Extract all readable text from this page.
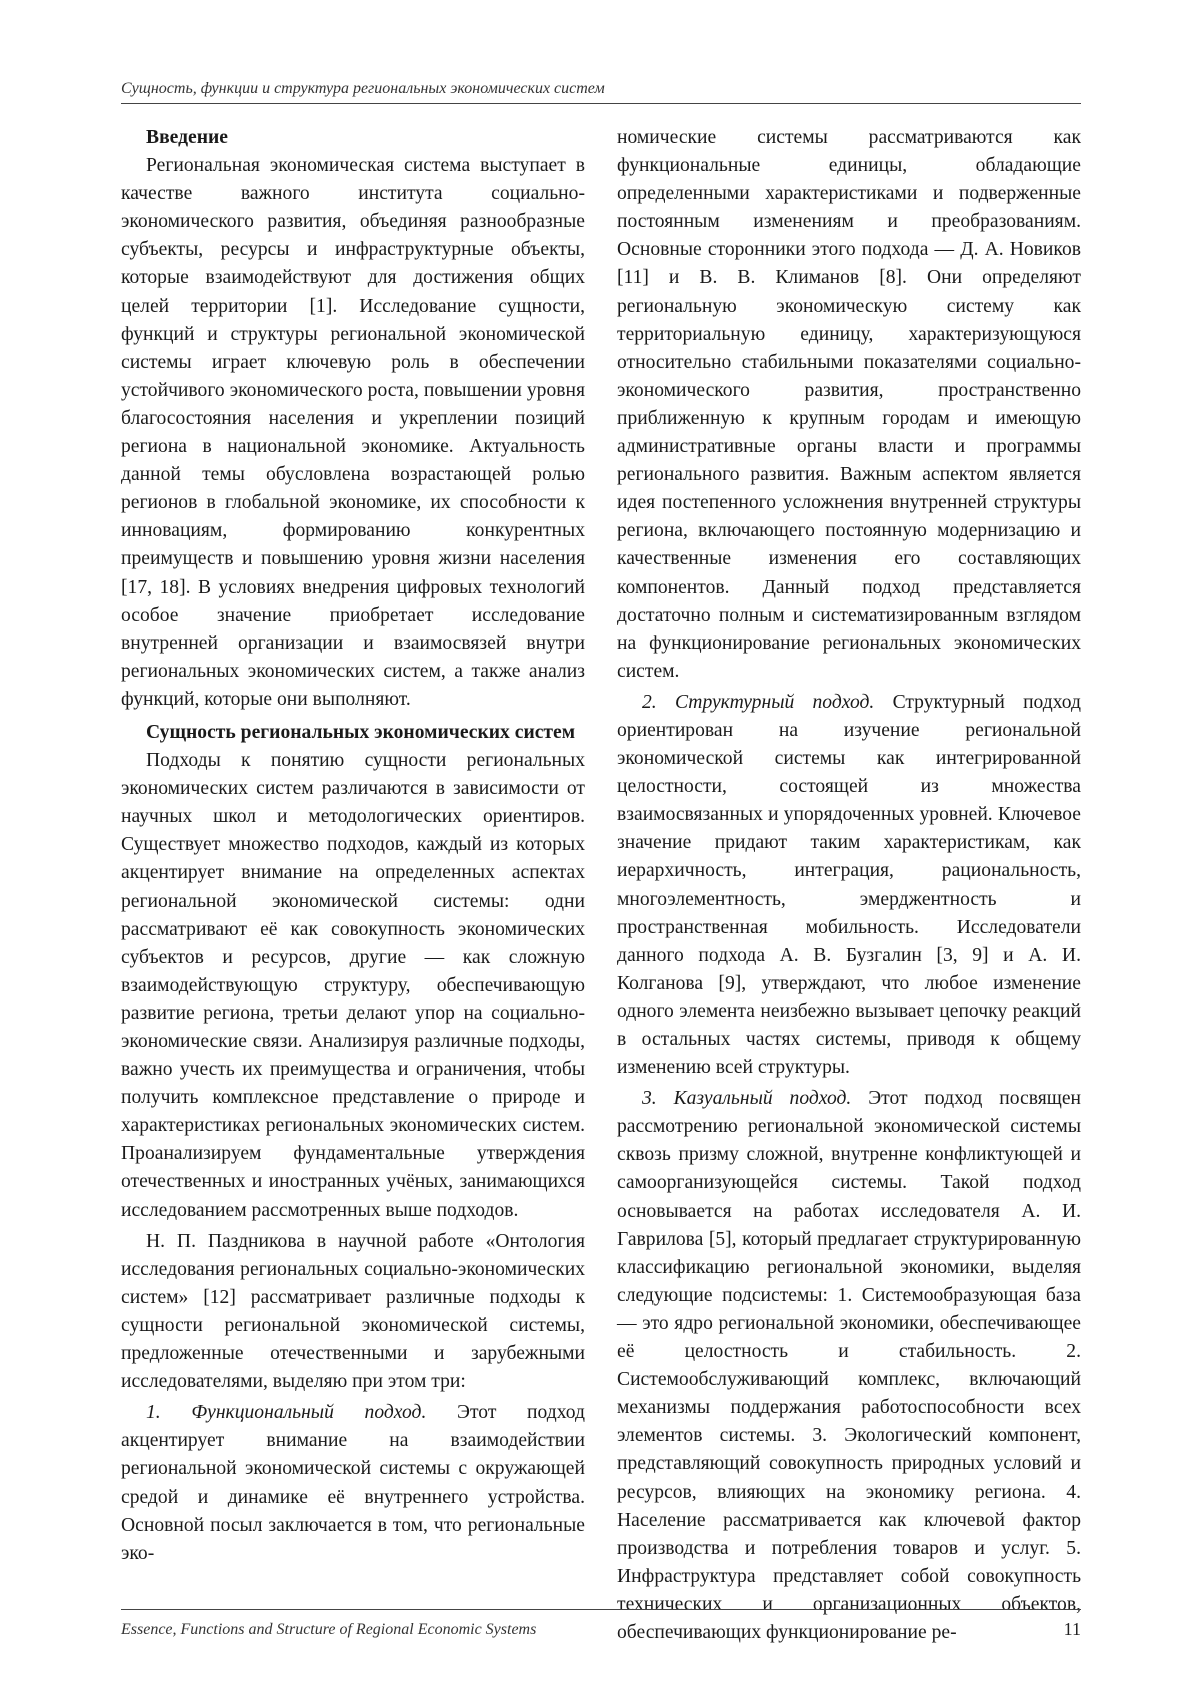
Сущность, функции и структура региональных экономических систем

Введение

Региональная экономическая система выступает в качестве важного института социально-экономического развития, объединяя разнообразные субъекты, ресурсы и инфраструктурные объекты, которые взаимодействуют для достижения общих целей территории [1]. Исследование сущности, функций и структуры региональной экономической системы играет ключевую роль в обеспечении устойчивого экономического роста, повышении уровня благосостояния населения и укреплении позиций региона в национальной экономике. Актуальность данной темы обусловлена возрастающей ролью регионов в глобальной экономике, их способности к инновациям, формированию конкурентных преимуществ и повышению уровня жизни населения [17, 18]. В условиях внедрения цифровых технологий особое значение приобретает исследование внутренней организации и взаимосвязей внутри региональных экономических систем, а также анализ функций, которые они выполняют.

Сущность региональных экономических систем

Подходы к понятию сущности региональных экономических систем различаются в зависимости от научных школ и методологических ориентиров. Существует множество подходов, каждый из которых акцентирует внимание на определенных аспектах региональной экономической системы: одни рассматривают её как совокупность экономических субъектов и ресурсов, другие — как сложную взаимодействующую структуру, обеспечивающую развитие региона, третьи делают упор на социально-экономические связи. Анализируя различные подходы, важно учесть их преимущества и ограничения, чтобы получить комплексное представление о природе и характеристиках региональных экономических систем. Проанализируем фундаментальные утверждения отечественных и иностранных учёных, занимающихся исследованием рассмотренных выше подходов.

Н. П. Паздникова в научной работе «Онтология исследования региональных социально-экономических систем» [12] рассматривает различные подходы к сущности региональной экономической системы, предложенные отечественными и зарубежными исследователями, выделяю при этом три:

1. Функциональный подход. Этот подход акцентирует внимание на взаимодействии региональной экономической системы с окружающей средой и динамике её внутреннего устройства. Основной посыл заключается в том, что региональные эко-

номические системы рассматриваются как функциональные единицы, обладающие определенными характеристиками и подверженные постоянным изменениям и преобразованиям. Основные сторонники этого подхода — Д. А. Новиков [11] и В. В. Климанов [8]. Они определяют региональную экономическую систему как территориальную единицу, характеризующуюся относительно стабильными показателями социально-экономического развития, пространственно приближенную к крупным городам и имеющую административные органы власти и программы регионального развития. Важным аспектом является идея постепенного усложнения внутренней структуры региона, включающего постоянную модернизацию и качественные изменения его составляющих компонентов. Данный подход представляется достаточно полным и систематизированным взглядом на функционирование региональных экономических систем.

2. Структурный подход. Структурный подход ориентирован на изучение региональной экономической системы как интегрированной целостности, состоящей из множества взаимосвязанных и упорядоченных уровней. Ключевое значение придают таким характеристикам, как иерархичность, интеграция, рациональность, многоэлементность, эмерджентность и пространственная мобильность. Исследователи данного подхода А. В. Бузгалин [3, 9] и А. И. Колганова [9], утверждают, что любое изменение одного элемента неизбежно вызывает цепочку реакций в остальных частях системы, приводя к общему изменению всей структуры.

3. Казуальный подход. Этот подход посвящен рассмотрению региональной экономической системы сквозь призму сложной, внутренне конфликтующей и самоорганизующейся системы. Такой подход основывается на работах исследователя А. И. Гаврилова [5], который предлагает структурированную классификацию региональной экономики, выделяя следующие подсистемы: 1. Системообразующая база — это ядро региональной экономики, обеспечивающее её целостность и стабильность. 2. Системообслуживающий комплекс, включающий механизмы поддержания работоспособности всех элементов системы. 3. Экологический компонент, представляющий совокупность природных условий и ресурсов, влияющих на экономику региона. 4. Население рассматривается как ключевой фактор производства и потребления товаров и услуг. 5. Инфраструктура представляет собой совокупность технических и организационных объектов, обеспечивающих функционирование ре-

Essence, Functions and Structure of Regional Economic Systems	11
